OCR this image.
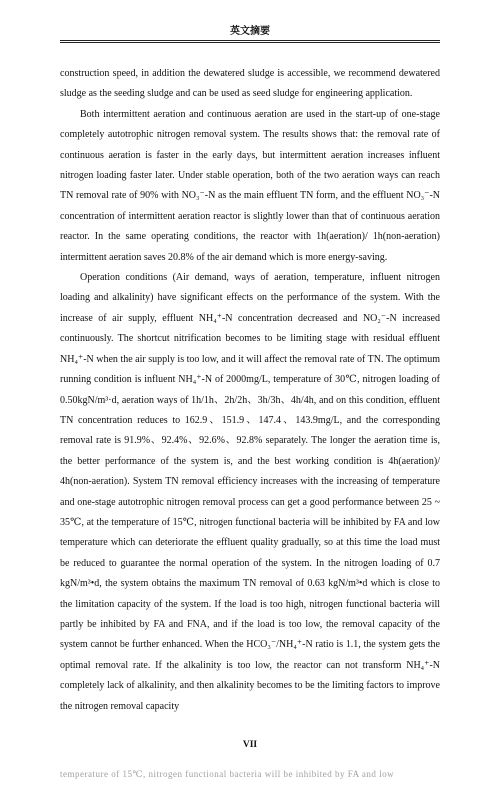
英文摘要

construction speed, in addition the dewatered sludge is accessible, we recommend dewatered sludge as the seeding sludge and can be used as seed sludge for engineering application.

Both intermittent aeration and continuous aeration are used in the start-up of one-stage completely autotrophic nitrogen removal system. The results shows that: the removal rate of continuous aeration is faster in the early days, but intermittent aeration increases influent nitrogen loading faster later. Under stable operation, both of the two aeration ways can reach TN removal rate of 90% with NO₃⁻-N as the main effluent TN form, and the effluent NO₃⁻-N concentration of intermittent aeration reactor is slightly lower than that of continuous aeration reactor. In the same operating conditions, the reactor with 1h(aeration)/ 1h(non-aeration) intermittent aeration saves 20.8% of the air demand which is more energy-saving.

Operation conditions (Air demand, ways of aeration, temperature, influent nitrogen loading and alkalinity) have significant effects on the performance of the system. With the increase of air supply, effluent NH₄⁺-N concentration decreased and NO₂⁻-N increased continuously. The shortcut nitrification becomes to be limiting stage with residual effluent NH₄⁺-N when the air supply is too low, and it will affect the removal rate of TN. The optimum running condition is influent NH₄⁺-N of 2000mg/L, temperature of 30℃, nitrogen loading of 0.50kgN/m³·d, aeration ways of 1h/1h、2h/2h、3h/3h、4h/4h, and on this condition, effluent TN concentration reduces to 162.9、151.9、147.4、143.9mg/L, and the corresponding removal rate is 91.9%、92.4%、92.6%、92.8% separately. The longer the aeration time is, the better performance of the system is, and the best working condition is 4h(aeration)/ 4h(non-aeration). System TN removal efficiency increases with the increasing of temperature and one-stage autotrophic nitrogen removal process can get a good performance between 25 ~ 35℃, at the temperature of 15℃, nitrogen functional bacteria will be inhibited by FA and low temperature which can deteriorate the effluent quality gradually, so at this time the load must be reduced to guarantee the normal operation of the system. In the nitrogen loading of 0.7 kgN/m³•d, the system obtains the maximum TN removal of 0.63 kgN/m³•d which is close to the limitation capacity of the system. If the load is too high, nitrogen functional bacteria will partly be inhibited by FA and FNA, and if the load is too low, the removal capacity of the system cannot be further enhanced. When the HCO₃⁻/NH₄⁺-N ratio is 1.1, the system gets the optimal removal rate. If the alkalinity is too low, the reactor can not transform NH₄⁺-N completely lack of alkalinity, and then alkalinity becomes to be the limiting factors to improve the nitrogen removal capacity

VII
temperature of 15℃, nitrogen functional bacteria will be inhibited by FA and low
